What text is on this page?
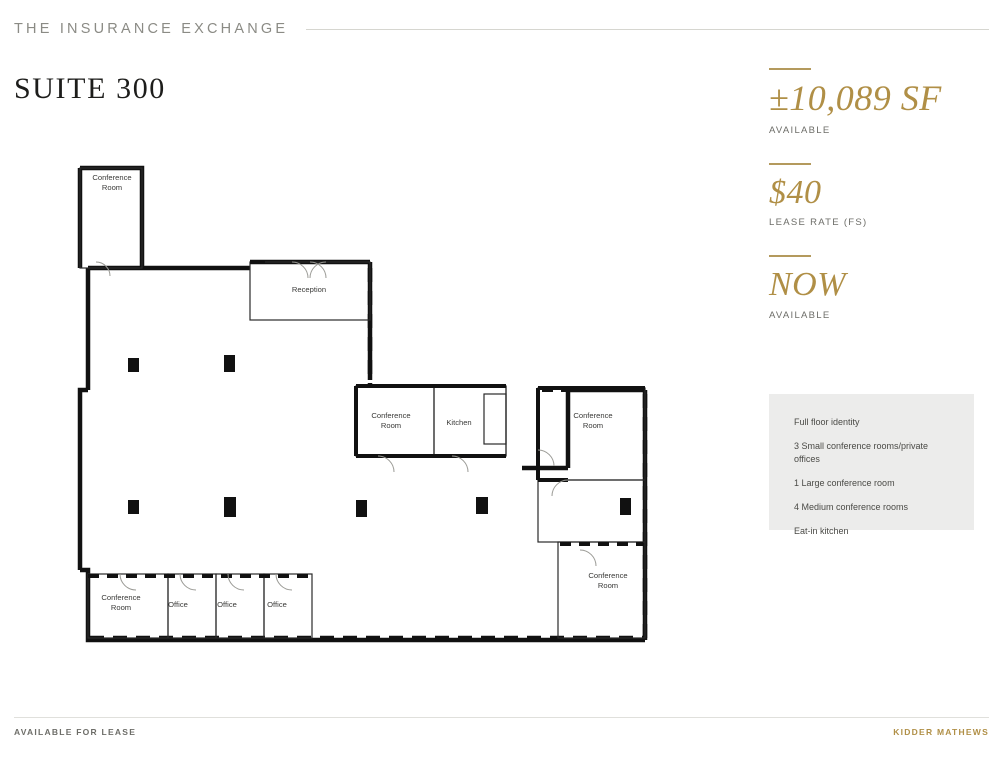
THE INSURANCE EXCHANGE
SUITE 300	±10,089 SF
AVAILABLE
$40
LEASE RATE (FS)
NOW
AVAILABLE
Full floor identity
3 Small conference rooms/private offices
1 Large conference room
4 Medium conference rooms
Eat-in kitchen
Conference
Room
Reception
Conference
Room	Kitchen
Conference
Room
Conference
Room
Conference
Room	Office	Office	Office
AVAILABLE FOR LEASE	KIDDER MATHEWS
